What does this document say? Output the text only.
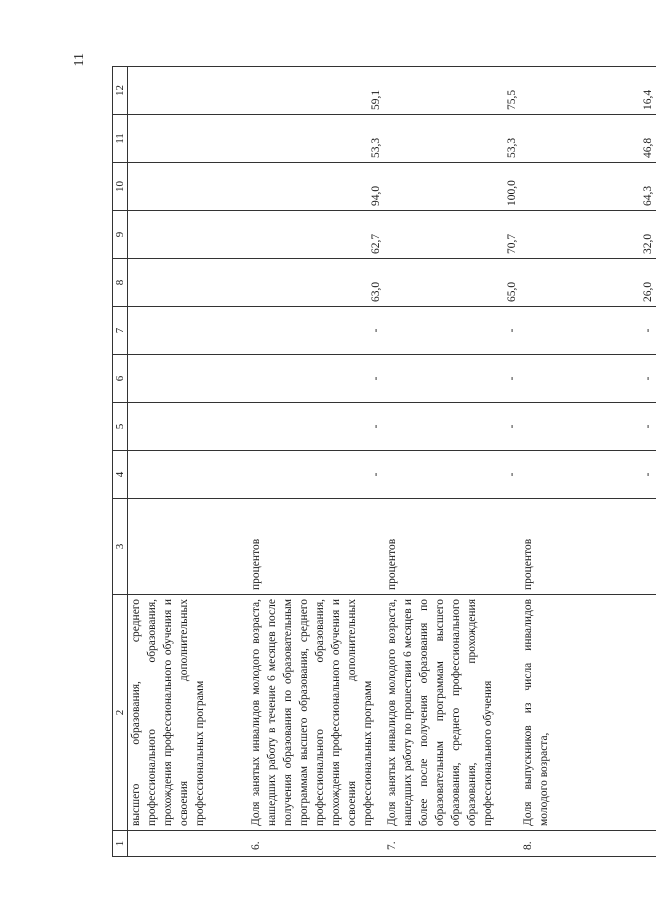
11
1	2	3	4	5	6	7	8	9	10	11	12
	высшего образования, среднего профессионального образования, прохождения профессионального обучения и освоения дополнительных профессиональных программ										
6.	Доля занятых инвалидов молодого возраста, нашедших работу в течение 6 месяцев после получения образования по образовательным программам высшего образования, среднего профессионального образования, прохождения профессионального обучения и освоения дополнительных профессиональных программ	процентов	-	-	-	-	63,0	62,7	94,0	53,3	59,1
7.	Доля занятых инвалидов молодого возраста, нашедших работу по прошествии 6 месяцев и более после получения образования по образовательным программам высшего образования, среднего профессионального образования, прохождения профессионального обучения	процентов	-	-	-	-	65,0	70,7	100,0	53,3	75,5
8.	Доля выпускников из числа инвалидов молодого возраста,	процентов	-	-	-	-	26,0	32,0	64,3	46,8	16,4
